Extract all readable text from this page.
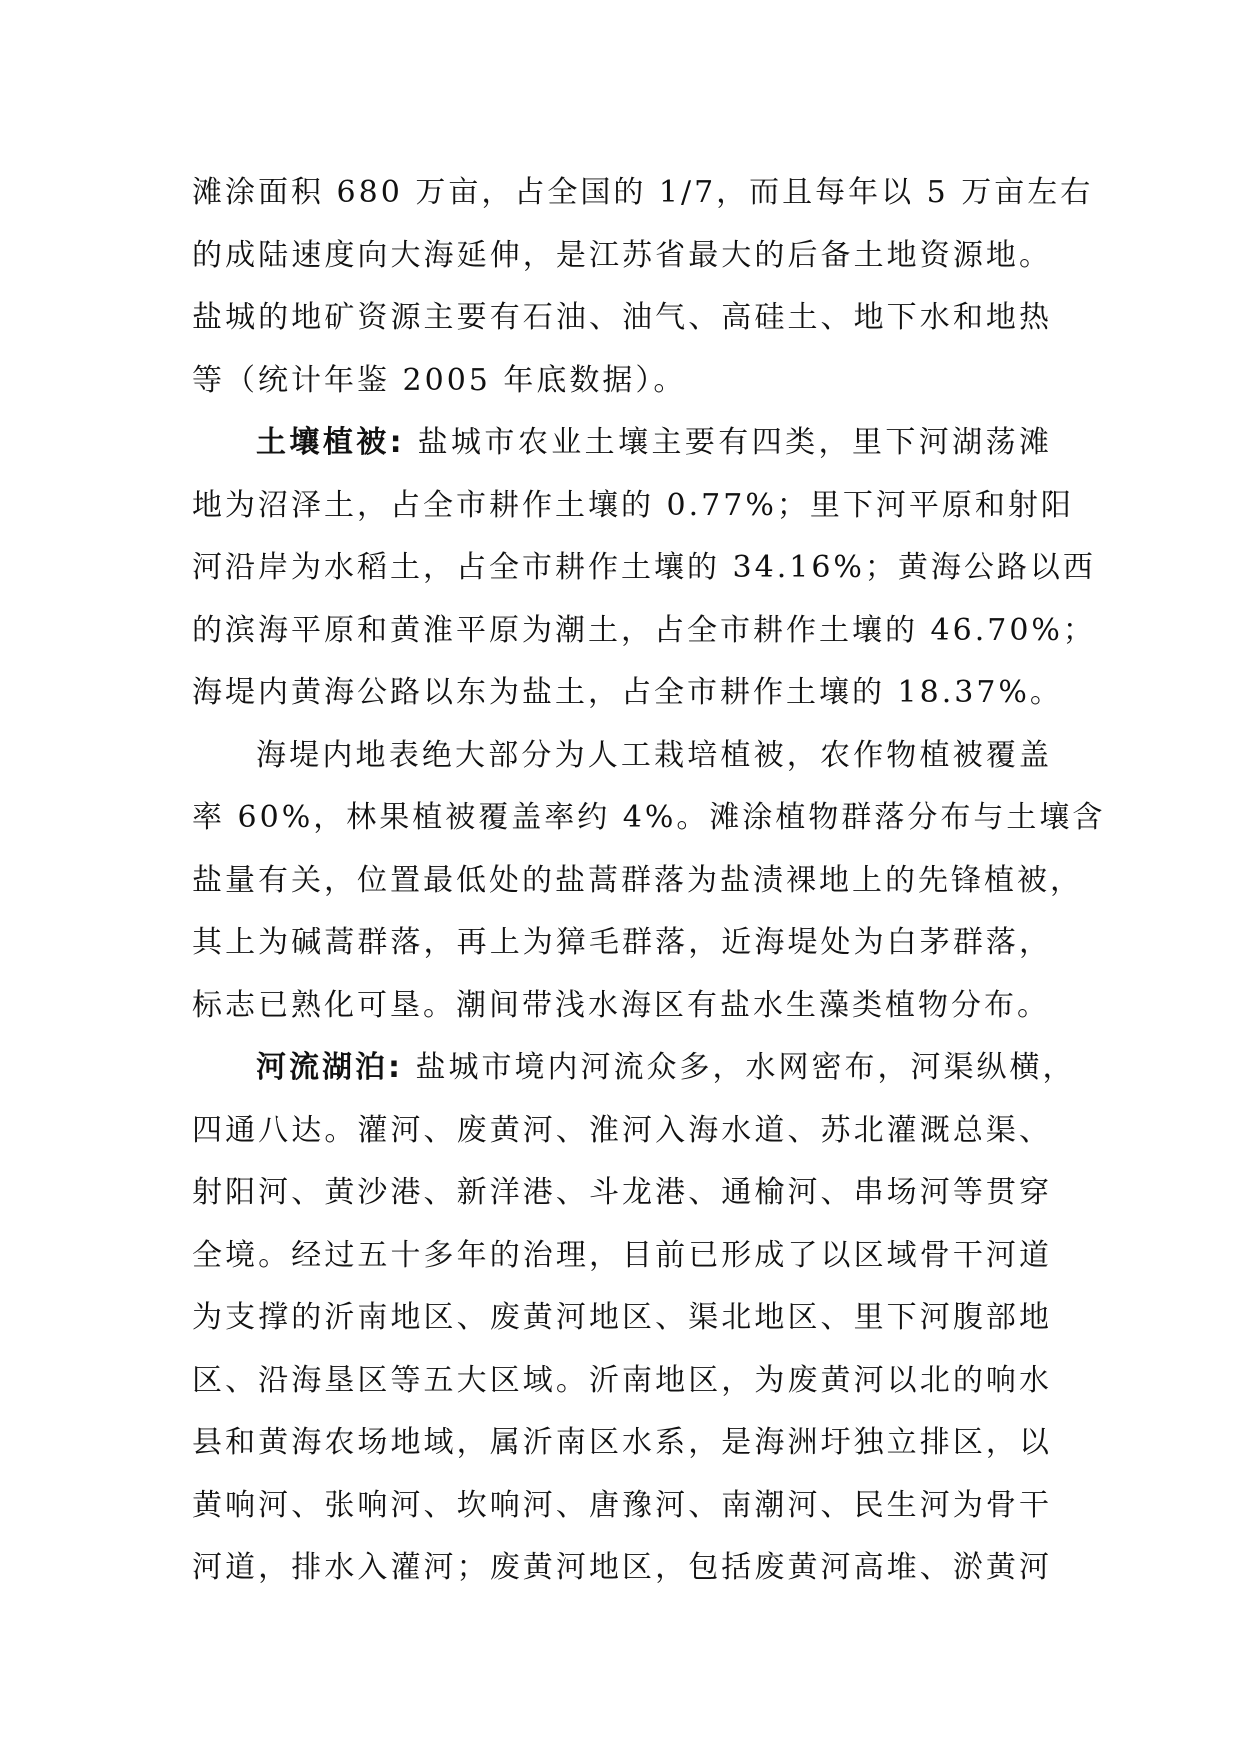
滩涂面积 680 万亩，占全国的 1/7，而且每年以 5 万亩左右
的成陆速度向大海延伸，是江苏省最大的后备土地资源地。
盐城的地矿资源主要有石油、油气、高硅土、地下水和地热
等（统计年鉴 2005 年底数据）。
土壤植被: 盐城市农业土壤主要有四类，里下河湖荡滩
地为沼泽土，占全市耕作土壤的 0.77%；里下河平原和射阳
河沿岸为水稻土，占全市耕作土壤的 34.16%；黄海公路以西
的滨海平原和黄淮平原为潮土，占全市耕作土壤的 46.70%；
海堤内黄海公路以东为盐土，占全市耕作土壤的 18.37%。
海堤内地表绝大部分为人工栽培植被，农作物植被覆盖
率 60%，林果植被覆盖率约 4%。滩涂植物群落分布与土壤含
盐量有关，位置最低处的盐蒿群落为盐渍裸地上的先锋植被，
其上为碱蒿群落，再上为獐毛群落，近海堤处为白茅群落，
标志已熟化可垦。潮间带浅水海区有盐水生藻类植物分布。
河流湖泊: 盐城市境内河流众多，水网密布，河渠纵横，
四通八达。灌河、废黄河、淮河入海水道、苏北灌溉总渠、
射阳河、黄沙港、新洋港、斗龙港、通榆河、串场河等贯穿
全境。经过五十多年的治理，目前已形成了以区域骨干河道
为支撑的沂南地区、废黄河地区、渠北地区、里下河腹部地
区、沿海垦区等五大区域。沂南地区，为废黄河以北的响水
县和黄海农场地域，属沂南区水系，是海洲圩独立排区，以
黄响河、张响河、坎响河、唐豫河、南潮河、民生河为骨干
河道，排水入灌河；废黄河地区，包括废黄河高堆、淤黄河
